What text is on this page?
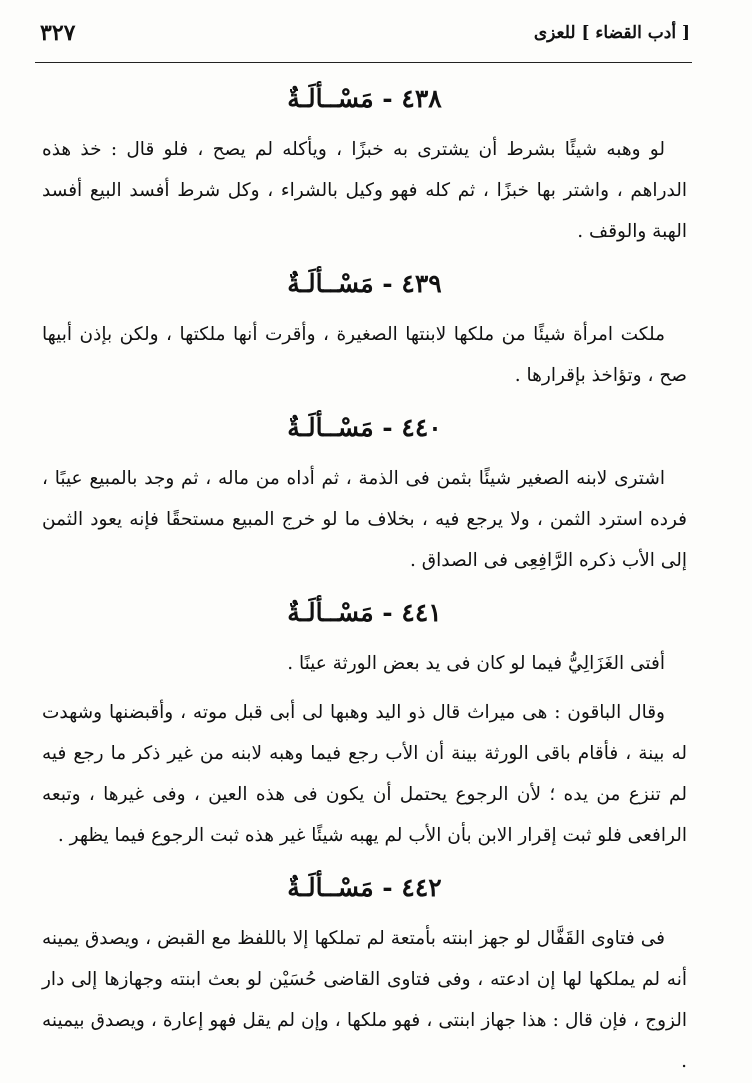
٣٢٧	[ أدب القضاء ] للعزى
٤٣٨ - مَسْــألَـةٌ

لو وهبه شيئًا بشرط أن يشترى به خبزًا ، ويأكله لم يصح ، فلو قال : خذ هذه الدراهم ، واشتر بها خبزًا ، ثم كله فهو وكيل بالشراء ، وكل شرط أفسد البيع أفسد الهبة والوقف .

٤٣٩ - مَسْــألَـةٌ

ملكت امرأة شيئًا من ملكها لابنتها الصغيرة ، وأقرت أنها ملكتها ، ولكن بإذن أبيها صح ، وتؤاخذ بإقرارها .

٤٤٠ - مَسْــألَـةٌ

اشترى لابنه الصغير شيئًا بثمن فى الذمة ، ثم أداه من ماله ، ثم وجد بالمبيع عيبًا ، فرده استرد الثمن ، ولا يرجع فيه ، بخلاف ما لو خرج المبيع مستحقًا فإنه يعود الثمن إلى الأب ذكره الرَّافِعِى فى الصداق .

٤٤١ - مَسْــألَـةٌ

أفتى الغَزَالِيُّ فيما لو كان فى يد بعض الورثة عينًا .

وقال الباقون : هى ميراث قال ذو اليد وهبها لى أبى قبل موته ، وأقبضنها وشهدت له بينة ، فأقام باقى الورثة بينة أن الأب رجع فيما وهبه لابنه من غير ذكر ما رجع فيه لم تنزع من يده ؛ لأن الرجوع يحتمل أن يكون فى هذه العين ، وفى غيرها ، وتبعه الرافعى فلو ثبت إقرار الابن بأن الأب لم يهبه شيئًا غير هذه ثبت الرجوع فيما يظهر .

٤٤٢ - مَسْــألَـةٌ

فى فتاوى القَفَّال لو جهز ابنته بأمتعة لم تملكها إلا باللفظ مع القبض ، ويصدق يمينه أنه لم يملكها لها إن ادعته ، وفى فتاوى القاضى حُسَيْن لو بعث ابنته وجهازها إلى دار الزوج ، فإن قال : هذا جهاز ابنتى ، فهو ملكها ، وإن لم يقل فهو إعارة ، ويصدق بيمينه .
